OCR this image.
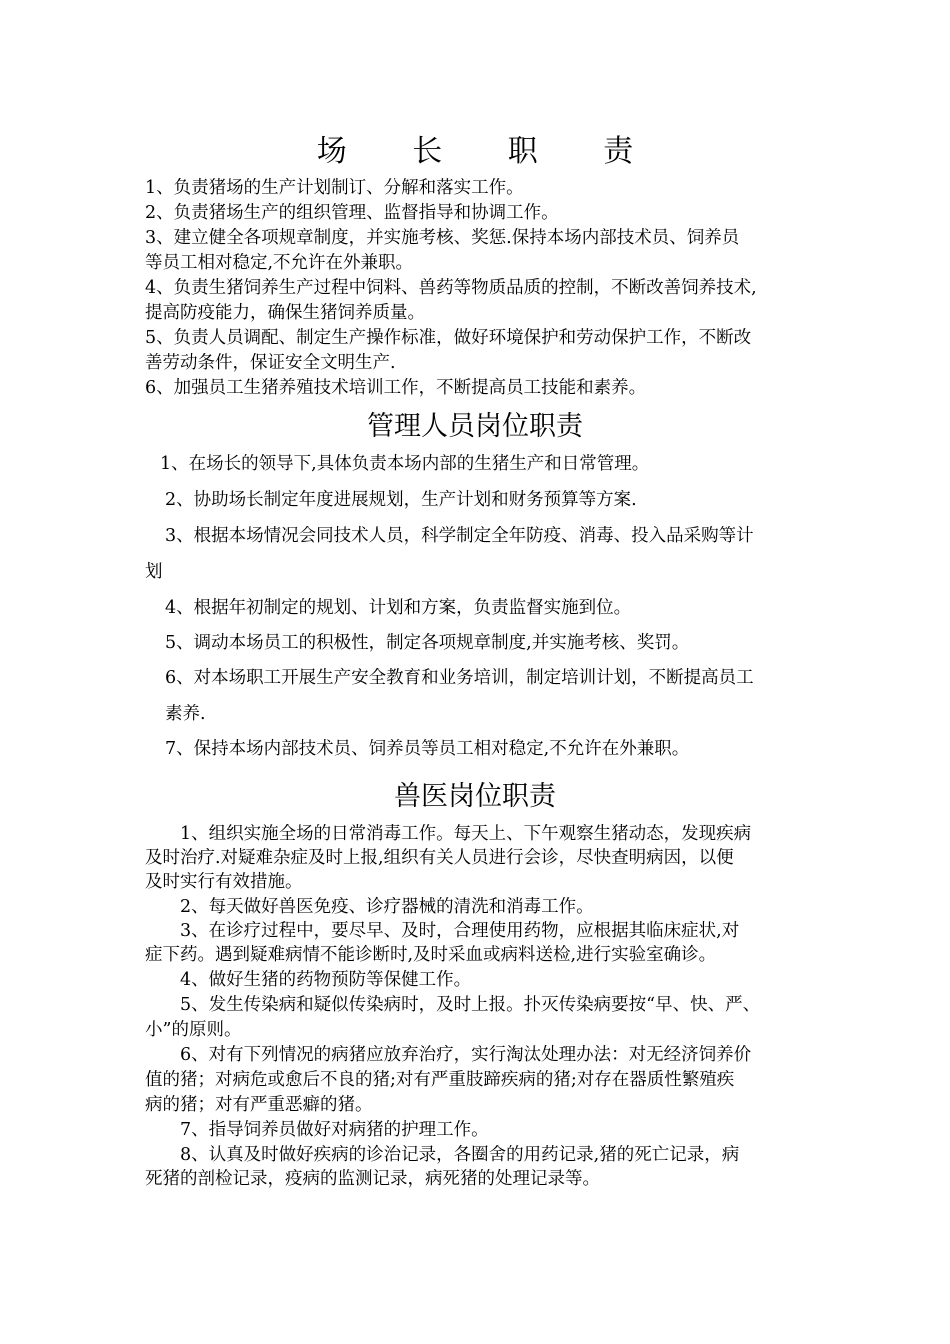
场 长 职 责
1、负责猪场的生产计划制订、分解和落实工作。
2、负责猪场生产的组织管理、监督指导和协调工作。
3、建立健全各项规章制度，并实施考核、奖惩.保持本场内部技术员、饲养员
等员工相对稳定,不允许在外兼职。
4、负责生猪饲养生产过程中饲料、兽药等物质品质的控制，不断改善饲养技术,
提高防疫能力，确保生猪饲养质量。
5、负责人员调配、制定生产操作标准，做好环境保护和劳动保护工作，不断改
善劳动条件，保证安全文明生产.
6、加强员工生猪养殖技术培训工作，不断提高员工技能和素养。
管理人员岗位职责
1、在场长的领导下,具体负责本场内部的生猪生产和日常管理。
2、协助场长制定年度进展规划，生产计划和财务预算等方案.
3、根据本场情况会同技术人员，科学制定全年防疫、消毒、投入品采购等计
划
4、根据年初制定的规划、计划和方案，负责监督实施到位。
5、调动本场员工的积极性，制定各项规章制度,并实施考核、奖罚。
6、对本场职工开展生产安全教育和业务培训，制定培训计划，不断提高员工
素养.
7、保持本场内部技术员、饲养员等员工相对稳定,不允许在外兼职。
兽医岗位职责
1、组织实施全场的日常消毒工作。每天上、下午观察生猪动态，发现疾病
及时治疗.对疑难杂症及时上报,组织有关人员进行会诊，尽快查明病因，以便
及时实行有效措施。
2、每天做好兽医免疫、诊疗器械的清洗和消毒工作。
3、在诊疗过程中，要尽早、及时，合理使用药物，应根据其临床症状,对
症下药。遇到疑难病情不能诊断时,及时采血或病料送检,进行实验室确诊。
4、做好生猪的药物预防等保健工作。
5、发生传染病和疑似传染病时，及时上报。扑灭传染病要按“早、快、严、
小”的原则。
6、对有下列情况的病猪应放弃治疗，实行淘汰处理办法：对无经济饲养价
值的猪；对病危或愈后不良的猪;对有严重肢蹄疾病的猪;对存在器质性繁殖疾
病的猪；对有严重恶癖的猪。
7、指导饲养员做好对病猪的护理工作。
8、认真及时做好疾病的诊治记录，各圈舍的用药记录,猪的死亡记录，病
死猪的剖检记录，疫病的监测记录，病死猪的处理记录等。
